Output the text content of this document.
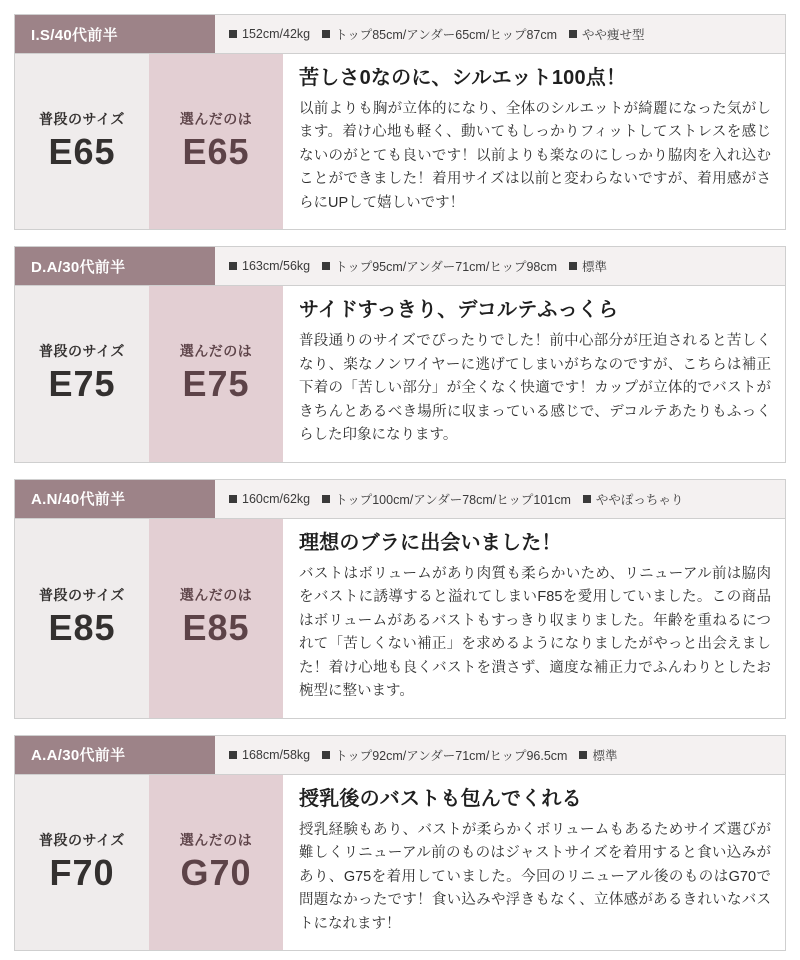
I.S/40代前半	152cm/42kg トップ85cm/アンダー65cm/ヒップ87cm やや痩せ型
普段のサイズ
E65
選んだのは
E65
苦しさ0なのに、シルエット100点！
以前よりも胸が立体的になり、全体のシルエットが綺麗になった気がします。着け心地も軽く、動いてもしっかりフィットしてストレスを感じないのがとても良いです！以前よりも楽なのにしっかり脇肉を入れ込むことができました！着用サイズは以前と変わらないですが、着用感がさらにUPして嬉しいです！
D.A/30代前半	163cm/56kg トップ95cm/アンダー71cm/ヒップ98cm 標準
普段のサイズ
E75
選んだのは
E75
サイドすっきり、デコルテふっくら
普段通りのサイズでぴったりでした！前中心部分が圧迫されると苦しくなり、楽なノンワイヤーに逃げてしまいがちなのですが、こちらは補正下着の「苦しい部分」が全くなく快適です！カップが立体的でバストがきちんとあるべき場所に収まっている感じで、デコルテあたりもふっくらした印象になります。
A.N/40代前半	160cm/62kg トップ100cm/アンダー78cm/ヒップ101cm ややぽっちゃり
普段のサイズ
E85
選んだのは
E85
理想のブラに出会いました！
バストはボリュームがあり肉質も柔らかいため、リニューアル前は脇肉をバストに誘導すると溢れてしまいF85を愛用していました。この商品はボリュームがあるバストもすっきり収まりました。年齢を重ねるにつれて「苦しくない補正」を求めるようになりましたがやっと出会えました！着け心地も良くバストを潰さず、適度な補正力でふんわりとしたお椀型に整います。
A.A/30代前半	168cm/58kg トップ92cm/アンダー71cm/ヒップ96.5cm 標準
普段のサイズ
F70
選んだのは
G70
授乳後のバストも包んでくれる
授乳経験もあり、バストが柔らかくボリュームもあるためサイズ選びが難しくリニューアル前のものはジャストサイズを着用すると食い込みがあり、G75を着用していました。今回のリニューアル後のものはG70で問題なかったです！食い込みや浮きもなく、立体感があるきれいなバストになれます！
